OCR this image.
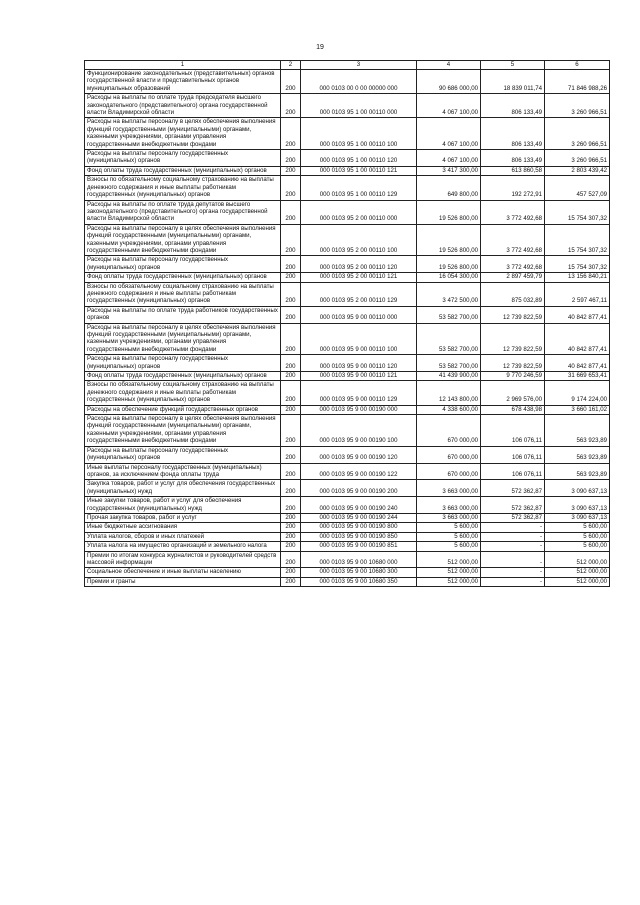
19
1	2	3	4	5	6

Функционирование законодательных (представительных) органов государственной власти и представительных органов муниципальных образований	200	000 0103 00 0 00 00000 000	90 686 000,00	18 839 011,74	71 846 988,26

Расходы на выплаты по оплате труда председателя высшего законодательного (представительного) органа государственной власти Владимирской области	200	000 0103 95 1 00 00110 000	4 067 100,00	806 133,49	3 260 966,51

Расходы на выплаты персоналу в целях обеспечения выполнения функций государственными (муниципальными) органами, казенными учреждениями, органами управления государственными внебюджетными фондами	200	000 0103 95 1 00 00110 100	4 067 100,00	806 133,49	3 260 966,51

Расходы на выплаты персоналу государственных (муниципальных) органов	200	000 0103 95 1 00 00110 120	4 067 100,00	806 133,49	3 260 966,51

Фонд оплаты труда государственных (муниципальных) органов	200	000 0103 95 1 00 00110 121	3 417 300,00	613 860,58	2 803 439,42

Взносы по обязательному социальному страхованию на выплаты денежного содержания и иные выплаты работникам государственных (муниципальных) органов	200	000 0103 95 1 00 00110 129	649 800,00	192 272,91	457 527,09

Расходы на выплаты по оплате труда депутатов высшего законодательного (представительного) органа государственной власти Владимирской области	200	000 0103 95 2 00 00110 000	19 526 800,00	3 772 492,68	15 754 307,32

Расходы на выплаты персоналу в целях обеспечения выполнения функций государственными (муниципальными) органами, казенными учреждениями, органами управления государственными внебюджетными фондами	200	000 0103 95 2 00 00110 100	19 526 800,00	3 772 492,68	15 754 307,32

Расходы на выплаты персоналу государственных (муниципальных) органов	200	000 0103 95 2 00 00110 120	19 526 800,00	3 772 492,68	15 754 307,32

Фонд оплаты труда государственных (муниципальных) органов	200	000 0103 95 2 00 00110 121	16 054 300,00	2 897 459,79	13 156 840,21

Взносы по обязательному социальному страхованию на выплаты денежного содержания и иные выплаты работникам государственных (муниципальных) органов	200	000 0103 95 2 00 00110 129	3 472 500,00	875 032,89	2 597 467,11

Расходы на выплаты по оплате труда работников государственных органов	200	000 0103 95 9 00 00110 000	53 582 700,00	12 739 822,59	40 842 877,41

Расходы на выплаты персоналу в целях обеспечения выполнения функций государственными (муниципальными) органами, казенными учреждениями, органами управления государственными внебюджетными фондами	200	000 0103 95 9 00 00110 100	53 582 700,00	12 739 822,59	40 842 877,41

Расходы на выплаты персоналу государственных (муниципальных) органов	200	000 0103 95 9 00 00110 120	53 582 700,00	12 739 822,59	40 842 877,41

Фонд оплаты труда государственных (муниципальных) органов	200	000 0103 95 9 00 00110 121	41 439 900,00	9 770 246,59	31 669 653,41

Взносы по обязательному социальному страхованию на выплаты денежного содержания и иные выплаты работникам государственных (муниципальных) органов	200	000 0103 95 9 00 00110 129	12 143 800,00	2 969 576,00	9 174 224,00

Расходы на обеспечение функций государственных органов	200	000 0103 95 9 00 00190 000	4 338 600,00	678 438,98	3 660 161,02

Расходы на выплаты персоналу в целях обеспечения выполнения функций государственными (муниципальными) органами, казенными учреждениями, органами управления государственными внебюджетными фондами	200	000 0103 95 9 00 00190 100	670 000,00	106 076,11	563 923,89

Расходы на выплаты персоналу государственных (муниципальных) органов	200	000 0103 95 9 00 00190 120	670 000,00	106 076,11	563 923,89

Иные выплаты персоналу государственных (муниципальных) органов, за исключением фонда оплаты труда	200	000 0103 95 9 00 00190 122	670 000,00	106 076,11	563 923,89

Закупка товаров, работ и услуг для обеспечения государственных (муниципальных) нужд	200	000 0103 95 9 00 00190 200	3 663 000,00	572 362,87	3 090 637,13

Иные закупки товаров, работ и услуг для обеспечения государственных (муниципальных) нужд	200	000 0103 95 9 00 00190 240	3 663 000,00	572 362,87	3 090 637,13

Прочая закупка товаров, работ и услуг	200	000 0103 95 9 00 00190 244	3 663 000,00	572 362,87	3 090 637,13

Иные бюджетные ассигнования	200	000 0103 95 9 00 00190 800	5 600,00	-	5 600,00

Уплата налогов, сборов и иных платежей	200	000 0103 95 9 00 00190 850	5 600,00	-	5 600,00

Уплата налога на имущество организаций и земельного налога	200	000 0103 95 9 00 00190 851	5 600,00	-	5 600,00

Премии по итогам конкурса журналистов и руководителей средств массовой информации	200	000 0103 95 9 00 10680 000	512 000,00	-	512 000,00

Социальное обеспечение и иные выплаты населению	200	000 0103 95 9 00 10680 300	512 000,00	-	512 000,00

Премии и гранты	200	000 0103 95 9 00 10680 350	512 000,00	-	512 000,00
